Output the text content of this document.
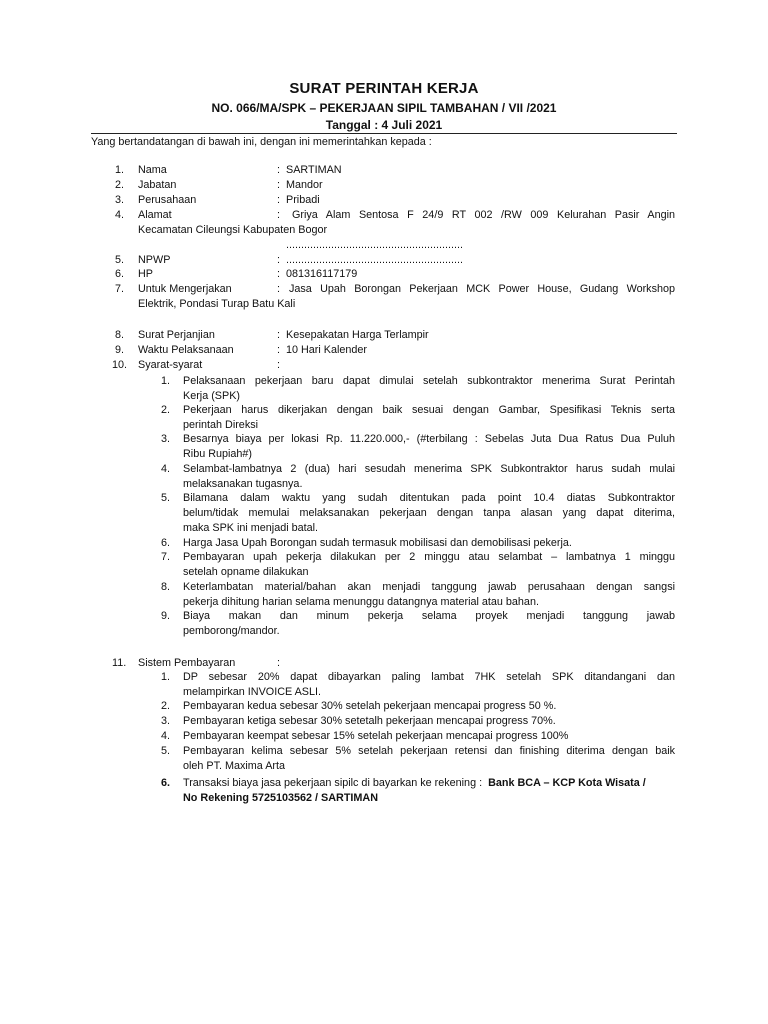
SURAT PERINTAH KERJA
NO. 066/MA/SPK – PEKERJAAN SIPIL TAMBAHAN / VII /2021
Tanggal : 4 Juli 2021
Yang bertandatangan di bawah ini, dengan ini memerintahkan kepada :
1. Nama	: SARTIMAN
2. Jabatan	: Mandor
3. Perusahaan	: Pribadi
4. Alamat	: Griya Alam Sentosa F 24/9 RT 002 /RW 009 Kelurahan Pasir Angin
Kecamatan Cileungsi Kabupaten Bogor
...........................................................
5. NPWP	: ...........................................................
6. HP	: 081316117179
7. Untuk Mengerjakan	: Jasa Upah Borongan Pekerjaan MCK Power House, Gudang Workshop
Elektrik, Pondasi Turap Batu Kali
8. Surat Perjanjian	: Kesepakatan Harga Terlampir
9. Waktu Pelaksanaan	: 10 Hari Kalender
10. Syarat-syarat	:
1. Pelaksanaan pekerjaan baru dapat dimulai setelah subkontraktor menerima Surat Perintah
Kerja (SPK)
2. Pekerjaan harus dikerjakan dengan baik sesuai dengan Gambar, Spesifikasi Teknis serta
perintah Direksi
3. Besarnya biaya per lokasi Rp. 11.220.000,- (#terbilang : Sebelas Juta Dua Ratus Dua Puluh
Ribu Rupiah#)
4. Selambat-lambatnya 2 (dua) hari sesudah menerima SPK Subkontraktor harus sudah mulai
melaksanakan tugasnya.
5. Bilamana dalam waktu yang sudah ditentukan pada point 10.4 diatas Subkontraktor
belum/tidak memulai melaksanakan pekerjaan dengan tanpa alasan yang dapat diterima,
maka SPK ini menjadi batal.
6. Harga Jasa Upah Borongan sudah termasuk mobilisasi dan demobilisasi pekerja.
7. Pembayaran upah pekerja dilakukan per 2 minggu atau selambat – lambatnya 1 minggu
setelah opname dilakukan
8. Keterlambatan material/bahan akan menjadi tanggung jawab perusahaan dengan sangsi
pekerja dihitung harian selama menunggu datangnya material atau bahan.
9. Biaya makan dan minum pekerja selama proyek menjadi tanggung jawab
pemborong/mandor.
11. Sistem Pembayaran	:
1. DP sebesar 20% dapat dibayarkan paling lambat 7HK setelah SPK ditandangani dan
melampirkan INVOICE ASLI.
2. Pembayaran kedua sebesar 30% setelah pekerjaan mencapai progress 50 %.
3. Pembayaran ketiga sebesar 30% setetalh pekerjaan mencapai progress 70%.
4. Pembayaran keempat sebesar 15% setelah pekerjaan mencapai progress 100%
5. Pembayaran kelima sebesar 5% setelah pekerjaan retensi dan finishing diterima dengan baik
oleh PT. Maxima Arta
6. Transaksi biaya jasa pekerjaan sipilc di bayarkan ke rekening : Bank BCA – KCP Kota Wisata /
No Rekening 5725103562 / SARTIMAN
